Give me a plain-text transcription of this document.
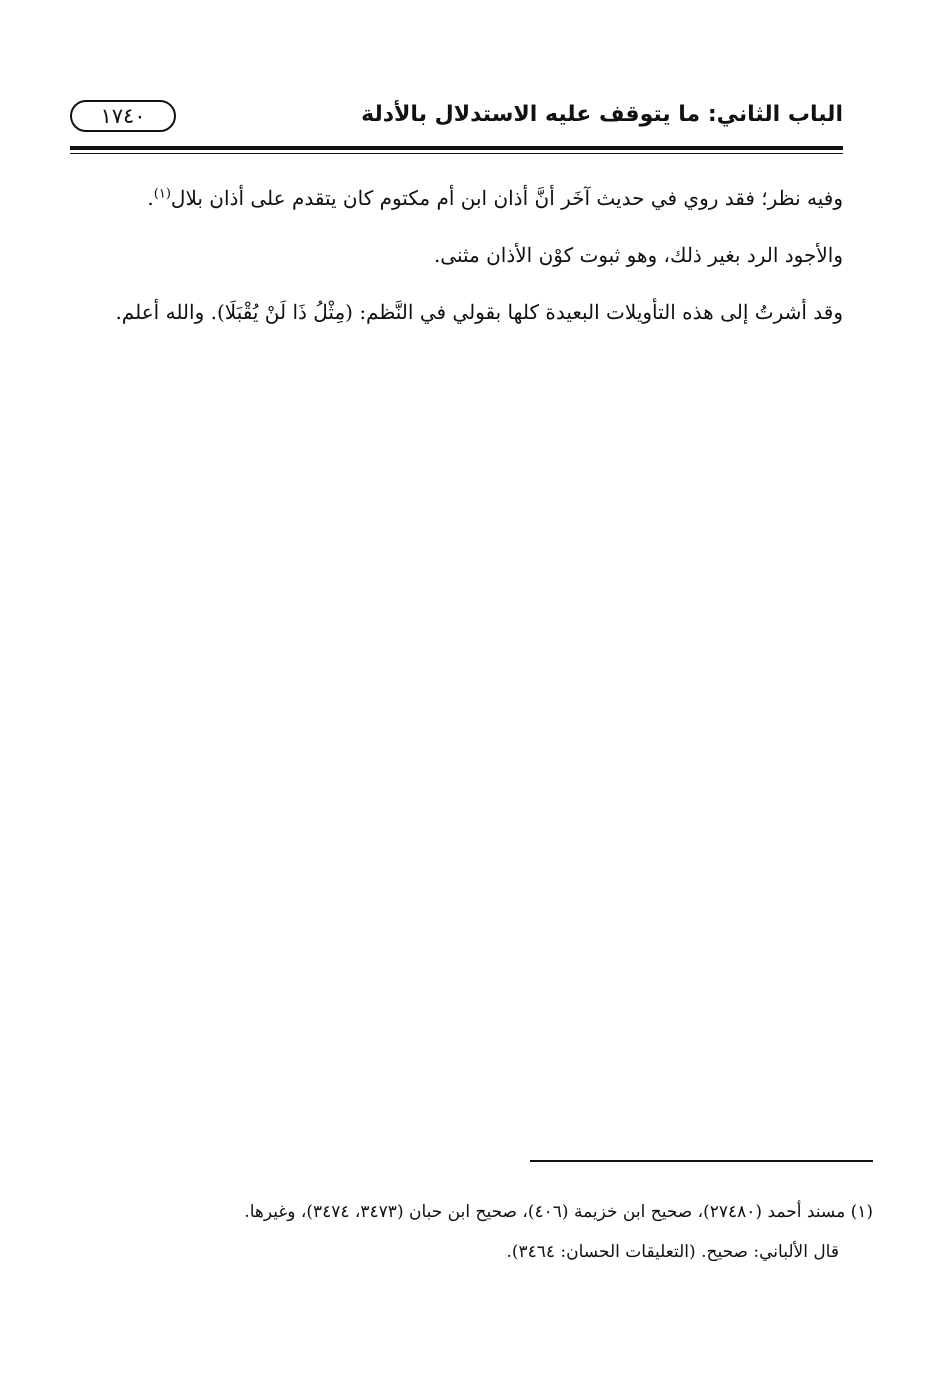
الباب الثاني: ما يتوقف عليه الاستدلال بالأدلة
١٧٤٠

وفيه نظر؛ فقد روي في حديث آخَر أنَّ أذان ابن أم مكتوم كان يتقدم على أذان بلال$^{(١)}$.

والأجود الرد بغير ذلك، وهو ثبوت كوْن الأذان مثنى.

وقد أشرتُ إلى هذه التأويلات البعيدة كلها بقولي في النَّظم: (مِثْلُ ذَا لَنْ يُقْبَلَا). والله أعلم.

(١) مسند أحمد (٢٧٤٨٠)، صحيح ابن خزيمة (٤٠٦)، صحيح ابن حبان (٣٤٧٣، ٣٤٧٤)، وغيرها.

قال الألباني: صحيح. (التعليقات الحسان: ٣٤٦٤).
